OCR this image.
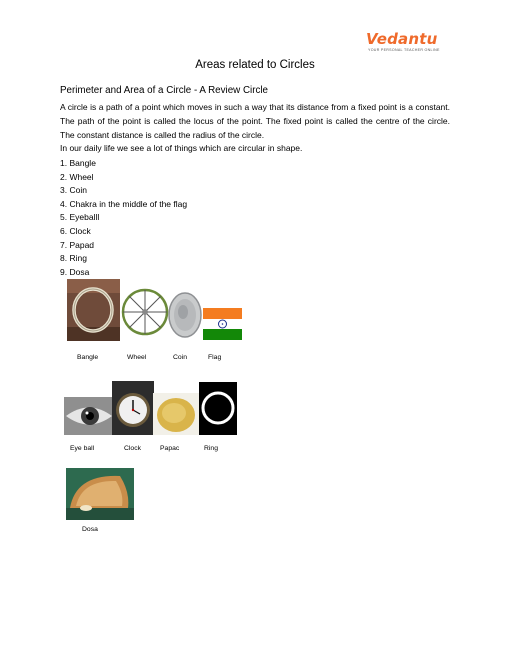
Vedantu
YOUR PERSONAL TEACHER ONLINE
Areas related to Circles
Perimeter and Area of a Circle - A Review Circle
A circle is a path of a point which moves in such a way that its distance from a fixed point is a constant. The path of the point is called the locus of the point. The fixed point is called the centre of the circle. The constant distance is called the radius of the circle.
In our daily life we see a lot of things which are circular in shape.
1. Bangle
2. Wheel
3. Coin
4. Chakra in the middle of the flag
5. Eyeballl
6. Clock
7. Papad
8. Ring
9. Dosa
Bangle	Wheel	Coin	Flag
Eye ball	Clock	Papac	Ring
Dosa
